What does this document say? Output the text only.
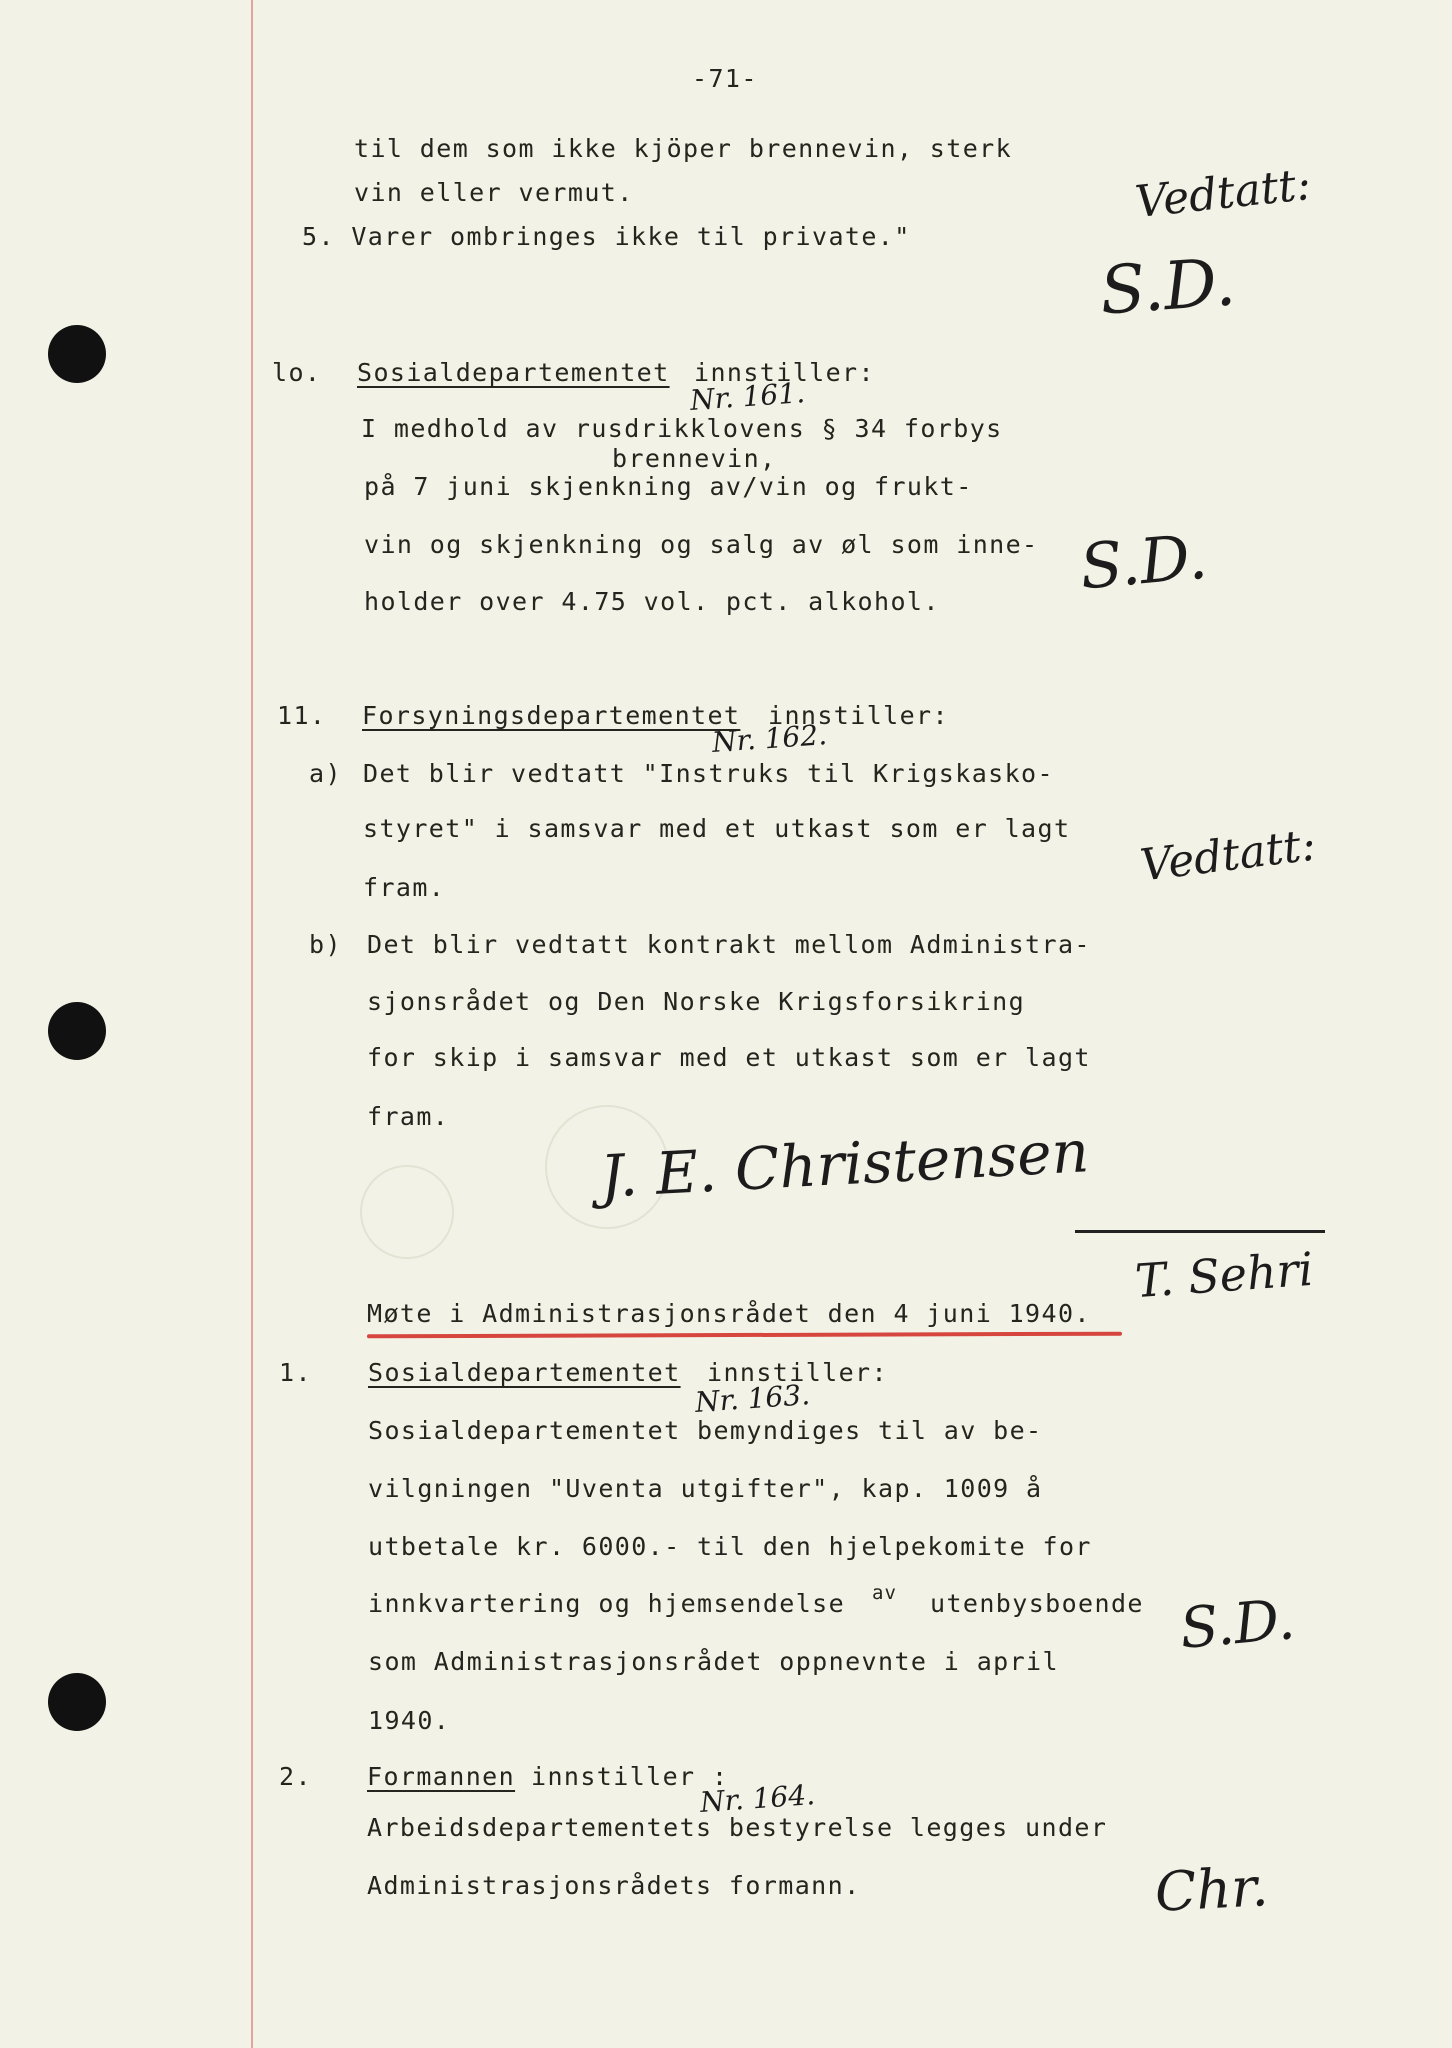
-71-
til dem som ikke kjöper brennevin, sterk
vin eller vermut.
5. Varer ombringes ikke til private."
lo. Sosialdepartementet innstiller:
I medhold av rusdrikklovens § 34 forbys
brennevin,
på 7 juni skjenkning av/vin og frukt-
vin og skjenkning og salg av øl som inne-
holder over 4.75 vol. pct. alkohol.
11. Forsyningsdepartementet innstiller:
a) Det blir vedtatt "Instruks til Krigskasko-
styret" i samsvar med et utkast som er lagt
fram.
b) Det blir vedtatt kontrakt mellom Administra-
sjonsrådet og Den Norske Krigsforsikring
for skip i samsvar med et utkast som er lagt
fram.
J. E. Christensen
T. Sehri
Møte i Administrasjonsrådet den 4 juni 1940.
1. Sosialdepartementet innstiller:
Sosialdepartementet bemyndiges til av be-
vilgningen "Uventa utgifter", kap. 1009 å
utbetale kr. 6000.- til den hjelpekomite for
innkvartering og hjemsendelse av utenbysboende
som Administrasjonsrådet oppnevnte i april
1940.
2. Formannen innstiller :
Arbeidsdepartementets bestyrelse legges under
Administrasjonsrådets formann.
Vedtatt:
S.D.
Nr. 161.
S.D.
Nr. 162.
Vedtatt:
Nr. 163.
S.D.
Nr. 164.
Chr.
